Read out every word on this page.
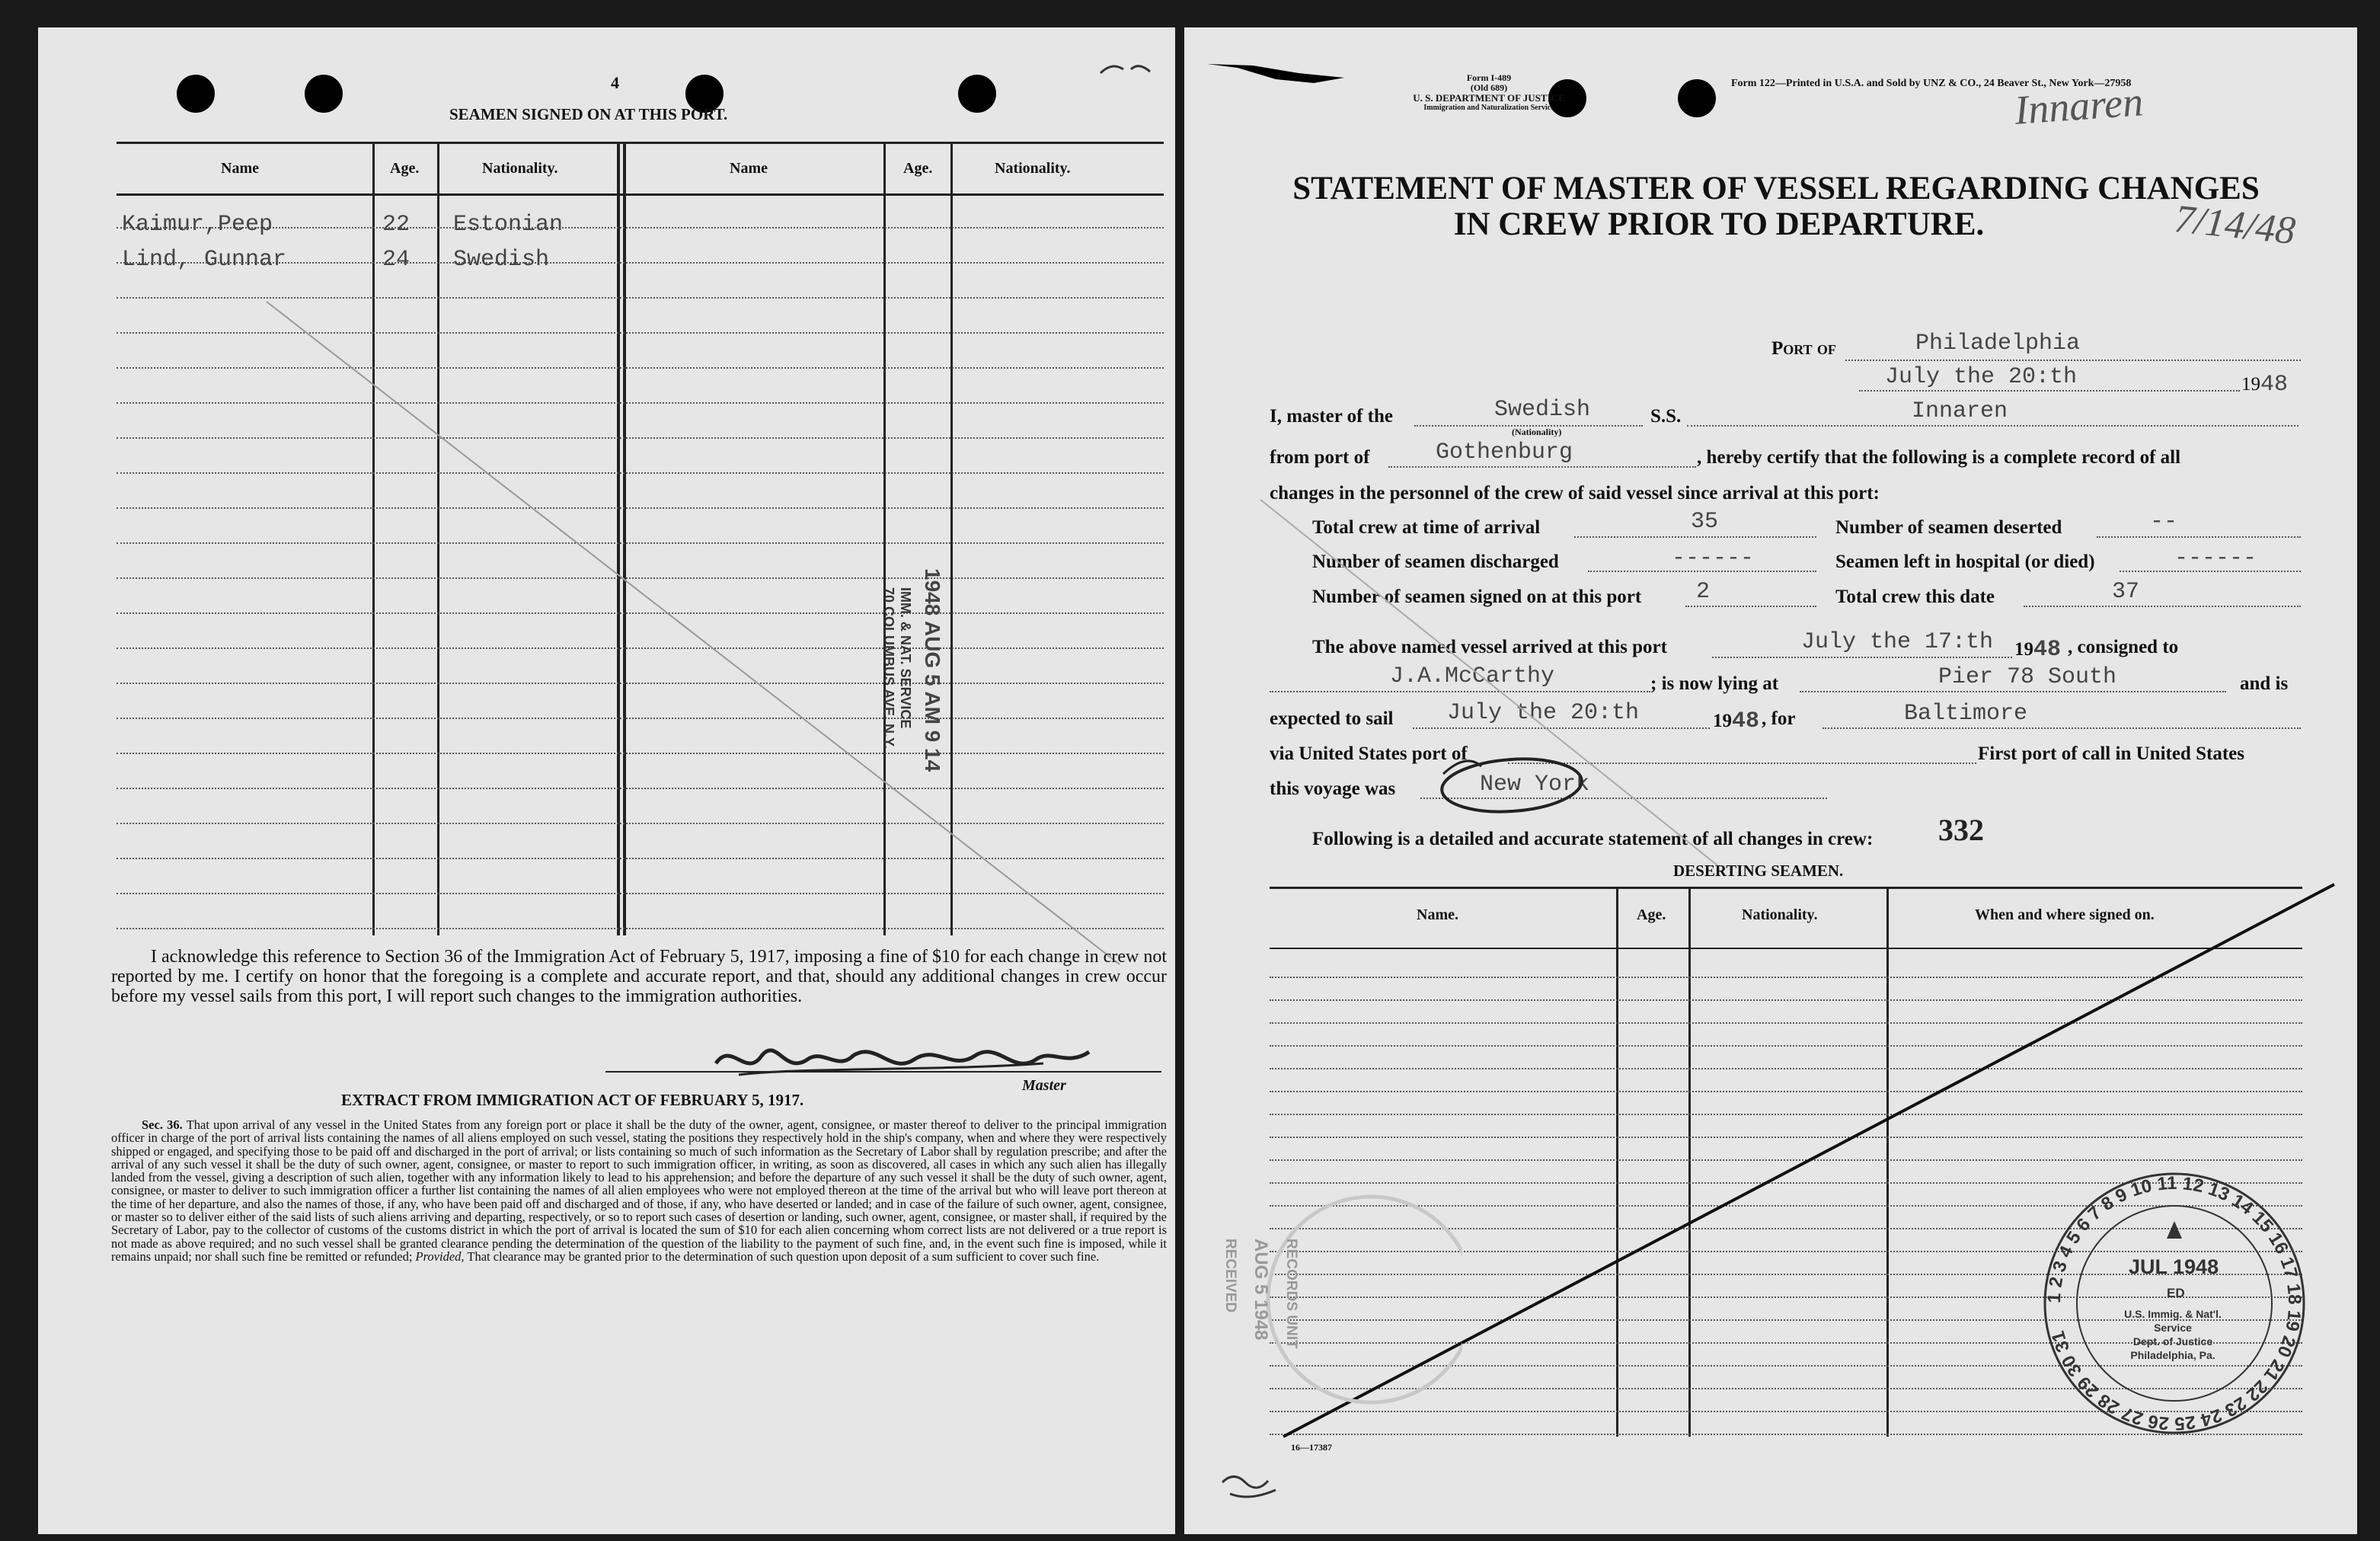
4
SEAMEN SIGNED ON AT THIS PORT.
Name	Age.	Nationality.	Name	Age.	Nationality.
Kaimur,Peep	22 Estonian
Lind, Gunnar	24 Swedish
IMM. & NAT. SERVICE
70 COLUMBUS AVE. N.Y. 1948 AUG 5 AM 9 14
I acknowledge this reference to Section 36 of the Immigration Act of February 5, 1917, imposing a fine of $10 for each change in crew not reported by me. I certify on honor that the foregoing is a complete and accurate report, and that, should any additional changes in crew occur before my vessel sails from this port, I will report such changes to the immigration authorities.
Master
EXTRACT FROM IMMIGRATION ACT OF FEBRUARY 5, 1917.
Sec. 36. That upon arrival of any vessel in the United States from any foreign port or place it shall be the duty of the owner, agent, consignee, or master thereof to deliver to the principal immigration officer in charge of the port of arrival lists containing the names of all aliens employed on such vessel, stating the positions they respectively hold in the ship's company, when and where they were respectively shipped or engaged, and specifying those to be paid off and discharged in the port of arrival; or lists containing so much of such information as the Secretary of Labor shall by regulation prescribe; and after the arrival of any such vessel it shall be the duty of such owner, agent, consignee, or master to report to such immigration officer, in writing, as soon as discovered, all cases in which any such alien has illegally landed from the vessel, giving a description of such alien, together with any information likely to lead to his apprehension; and before the departure of any such vessel it shall be the duty of such owner, agent, consignee, or master to deliver to such immigration officer a further list containing the names of all alien employees who were not employed thereon at the time of the arrival but who will leave port thereon at the time of her departure, and also the names of those, if any, who have been paid off and discharged and of those, if any, who have deserted or landed; and in case of the failure of such owner, agent, consignee, or master so to deliver either of the said lists of such aliens arriving and departing, respectively, or so to report such cases of desertion or landing, such owner, agent, consignee, or master shall, if required by the Secretary of Labor, pay to the collector of customs of the customs district in which the port of arrival is located the sum of $10 for each alien concerning whom correct lists are not delivered or a true report is not made as above required; and no such vessel shall be granted clearance pending the determination of the question of the liability to the payment of such fine, and, in the event such fine is imposed, while it remains unpaid; nor shall such fine be remitted or refunded; Provided, That clearance may be granted prior to the determination of such question upon deposit of a sum sufficient to cover such fine.
Form I-489
(Old 689)
U. S. DEPARTMENT OF JUSTICE
Immigration and Naturalization Service
Form 122—Printed in U.S.A. and Sold by UNZ & CO., 24 Beaver St., New York—27958
Innaren
7/14/48
STATEMENT OF MASTER OF VESSEL REGARDING CHANGES
IN CREW PRIOR TO DEPARTURE.
Port of	Philadelphia
July the 20:th	1948
I, master of the	Swedish
(Nationality)
S.S.	Innaren
from port of	Gothenburg	, hereby certify that the following is a complete record of all
changes in the personnel of the crew of said vessel since arrival at this port:
Total crew at time of arrival	35	Number of seamen deserted	--
Number of seamen discharged	------	Seamen left in hospital (or died)	------
Number of seamen signed on at this port 2	Total crew this date	37
The above named vessel arrived at this port	July the 17:th 1948 , consigned to
J.A.McCarthy	; is now lying at	Pier 78 South	and is
expected to sail July the 20:th	1948 , for	Baltimore
via United States port of	First port of call in United States
this voyage was	New York
Following is a detailed and accurate statement of all changes in crew: 332
DESERTING SEAMEN.
Name.	Age.	Nationality.	When and where signed on.
16—17387
RECORDS UNIT
AUG 5 1948
RECEIVED	1 2 3 4 5 6 7 8 9 10 11 12 13 14 15 16 17 18 19 20 21 22 23 24 25 26 27 28 29 30 31
JUL 1948
ED
U.S. Immig. & Nat'l. Service
Dept. of Justice
Philadelphia, Pa.
